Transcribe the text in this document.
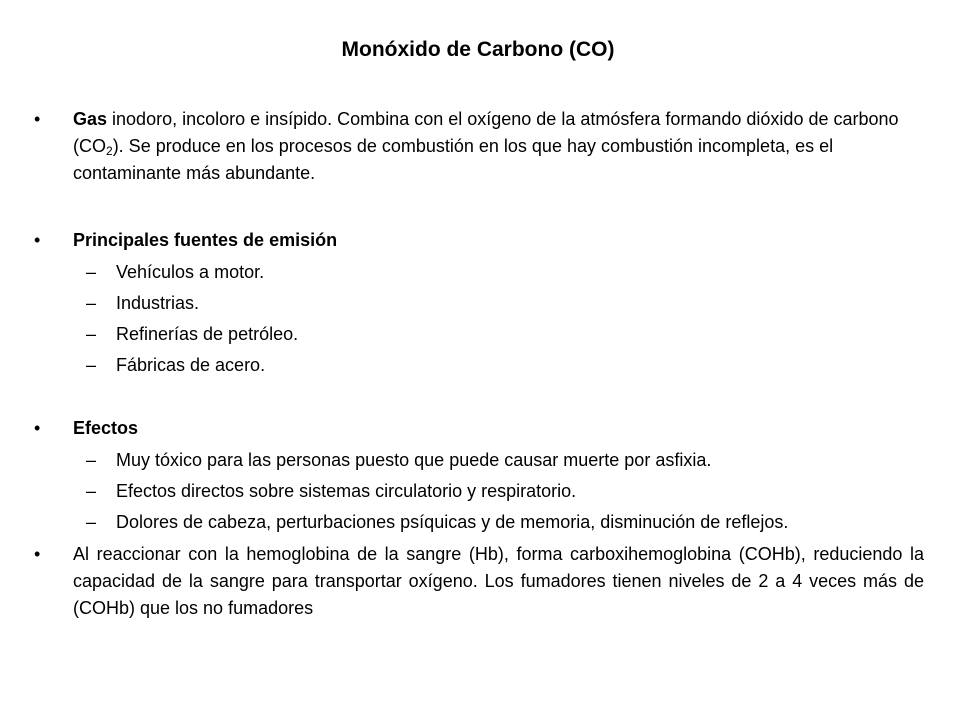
Monóxido de Carbono (CO)
• Gas inodoro, incoloro e insípido. Combina con el oxígeno de la atmósfera formando dióxido de carbono $(CO_2)$. Se produce en los procesos de combustión en los que hay combustión incompleta, es el contaminante más abundante.
• Principales fuentes de emisión
– Vehículos a motor.
– Industrias.
– Refinerías de petróleo.
– Fábricas de acero.
• Efectos
– Muy tóxico para las personas puesto que puede causar muerte por asfixia.
– Efectos directos sobre sistemas circulatorio y respiratorio.
– Dolores de cabeza, perturbaciones psíquicas y de memoria, disminución de reflejos.
• Al reaccionar con la hemoglobina de la sangre (Hb), forma carboxihemoglobina (COHb), reduciendo la capacidad de la sangre para transportar oxígeno. Los fumadores tienen niveles de 2 a 4 veces más de (COHb) que los no fumadores
